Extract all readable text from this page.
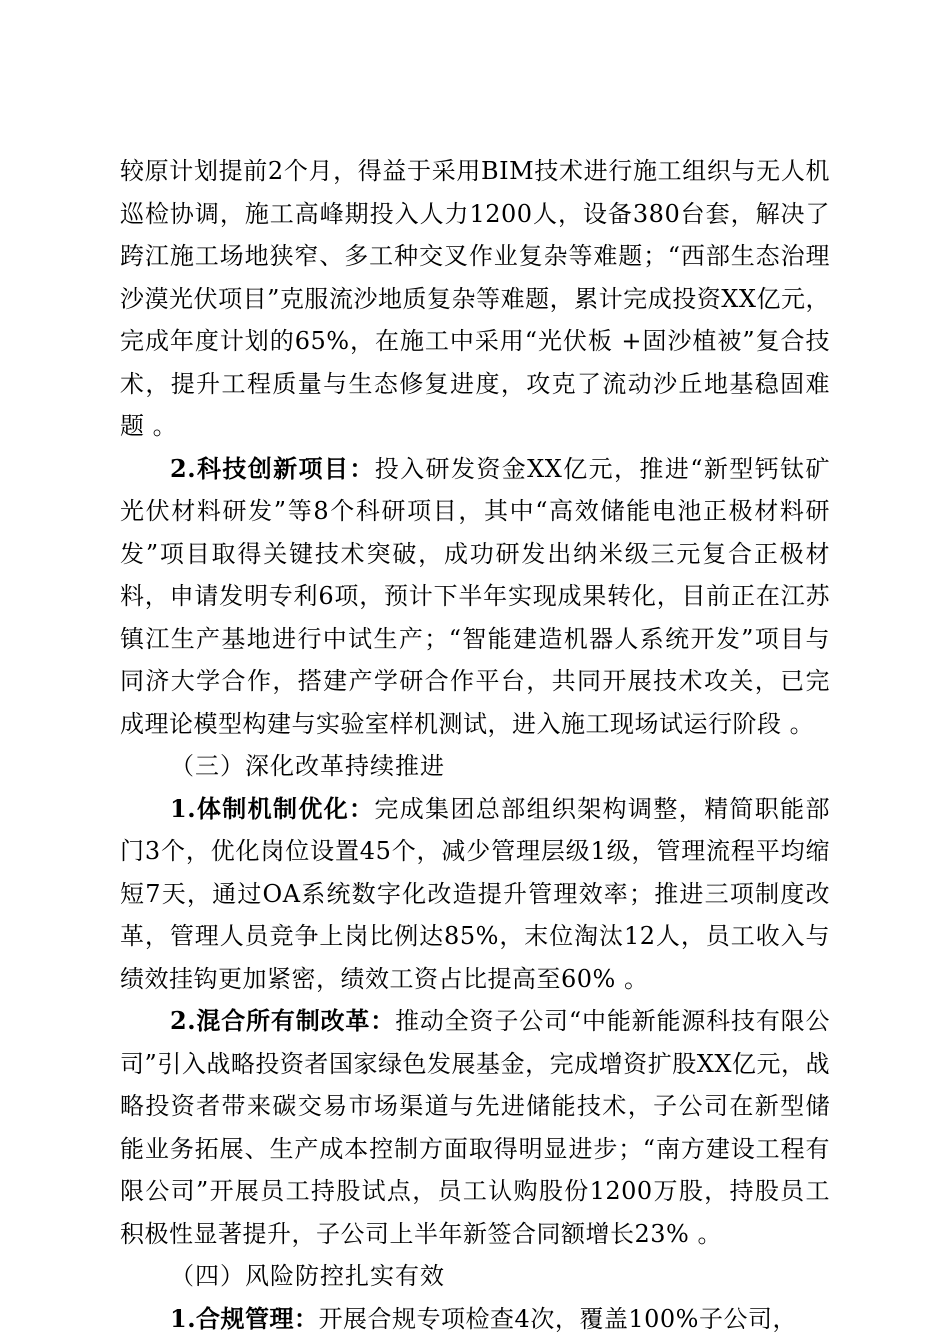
较原计划提前2个月，得益于采用BIM技术进行施工组织与无人机巡检协调，施工高峰期投入人力1200人，设备380台套，解决了跨江施工场地狭窄、多工种交叉作业复杂等难题；“西部生态治理沙漠光伏项目”克服流沙地质复杂等难题，累计完成投资XX亿元，完成年度计划的65%，在施工中采用“光伏板 +固沙植被”复合技术，提升工程质量与生态修复进度，攻克了流动沙丘地基稳固难题 。

2.科技创新项目：投入研发资金XX亿元，推进“新型钙钛矿光伏材料研发”等8个科研项目，其中“高效储能电池正极材料研发”项目取得关键技术突破，成功研发出纳米级三元复合正极材料，申请发明专利6项，预计下半年实现成果转化，目前正在江苏镇江生产基地进行中试生产；“智能建造机器人系统开发”项目与同济大学合作，搭建产学研合作平台，共同开展技术攻关，已完成理论模型构建与实验室样机测试，进入施工现场试运行阶段 。

（三）深化改革持续推进

1.体制机制优化：完成集团总部组织架构调整，精简职能部门3个，优化岗位设置45个，减少管理层级1级，管理流程平均缩短7天，通过OA系统数字化改造提升管理效率；推进三项制度改革，管理人员竞争上岗比例达85%，末位淘汰12人，员工收入与绩效挂钩更加紧密，绩效工资占比提高至60% 。

2.混合所有制改革：推动全资子公司“中能新能源科技有限公司”引入战略投资者国家绿色发展基金，完成增资扩股XX亿元，战略投资者带来碳交易市场渠道与先进储能技术，子公司在新型储能业务拓展、生产成本控制方面取得明显进步；“南方建设工程有限公司”开展员工持股试点，员工认购股份1200万股，持股员工积极性显著提升，子公司上半年新签合同额增长23% 。

（四）风险防控扎实有效

1.合规管理：开展合规专项检查4次，覆盖100%子公司，
